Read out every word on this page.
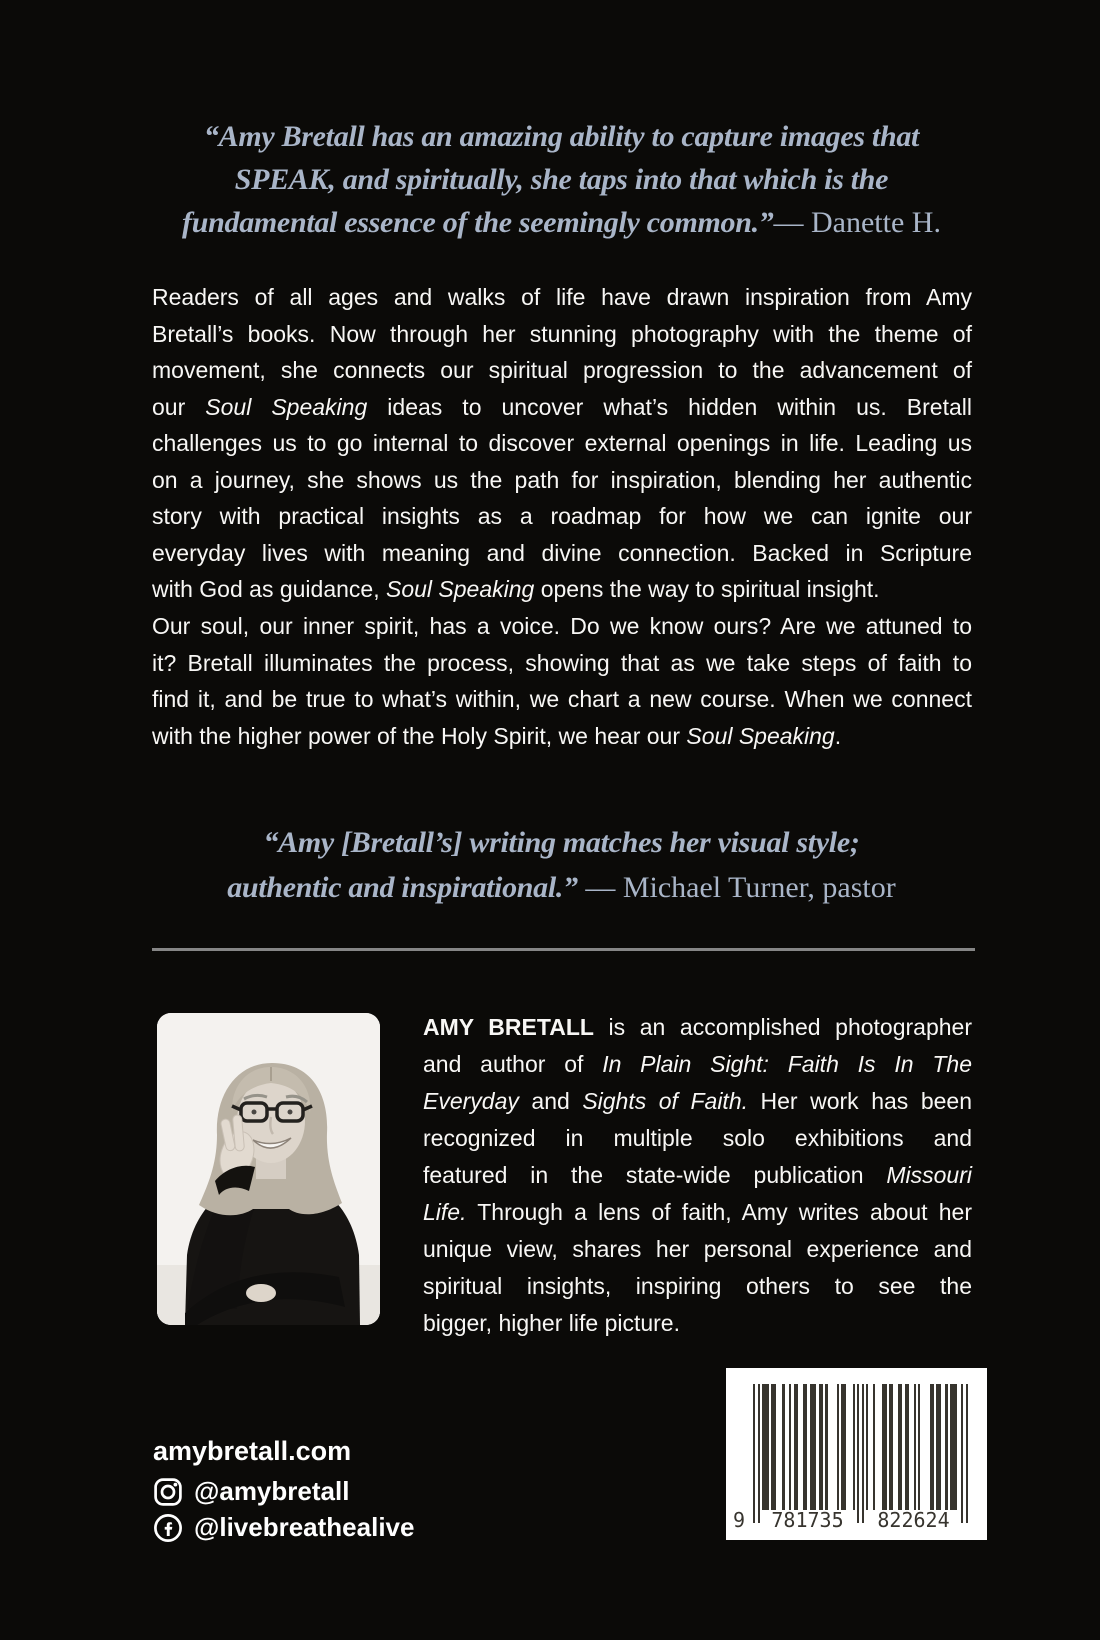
“Amy Bretall has an amazing ability to capture images that
SPEAK, and spiritually, she taps into that which is the
fundamental essence of the seemingly common.”— Danette H.
Readers of all ages and walks of life have drawn inspiration from Amy
Bretall’s books. Now through her stunning photography with the theme of
movement, she connects our spiritual progression to the advancement of
our Soul Speaking ideas to uncover what’s hidden within us. Bretall
challenges us to go internal to discover external openings in life. Leading us
on a journey, she shows us the path for inspiration, blending her authentic
story with practical insights as a roadmap for how we can ignite our
everyday lives with meaning and divine connection. Backed in Scripture
with God as guidance, Soul Speaking opens the way to spiritual insight.
Our soul, our inner spirit, has a voice. Do we know ours? Are we attuned to
it? Bretall illuminates the process, showing that as we take steps of faith to
find it, and be true to what’s within, we chart a new course. When we connect
with the higher power of the Holy Spirit, we hear our Soul Speaking.
“Amy [Bretall’s] writing matches her visual style;
authentic and inspirational.” — Michael Turner, pastor
AMY BRETALL is an accomplished photographer
and author of In Plain Sight: Faith Is In The
Everyday and Sights of Faith. Her work has been
recognized in multiple solo exhibitions and
featured in the state-wide publication Missouri
Life. Through a lens of faith, Amy writes about her
unique view, shares her personal experience and
spiritual insights, inspiring others to see the
bigger, higher life picture.
amybretall.com
@amybretall
@livebreathealive	9	781735	822624
